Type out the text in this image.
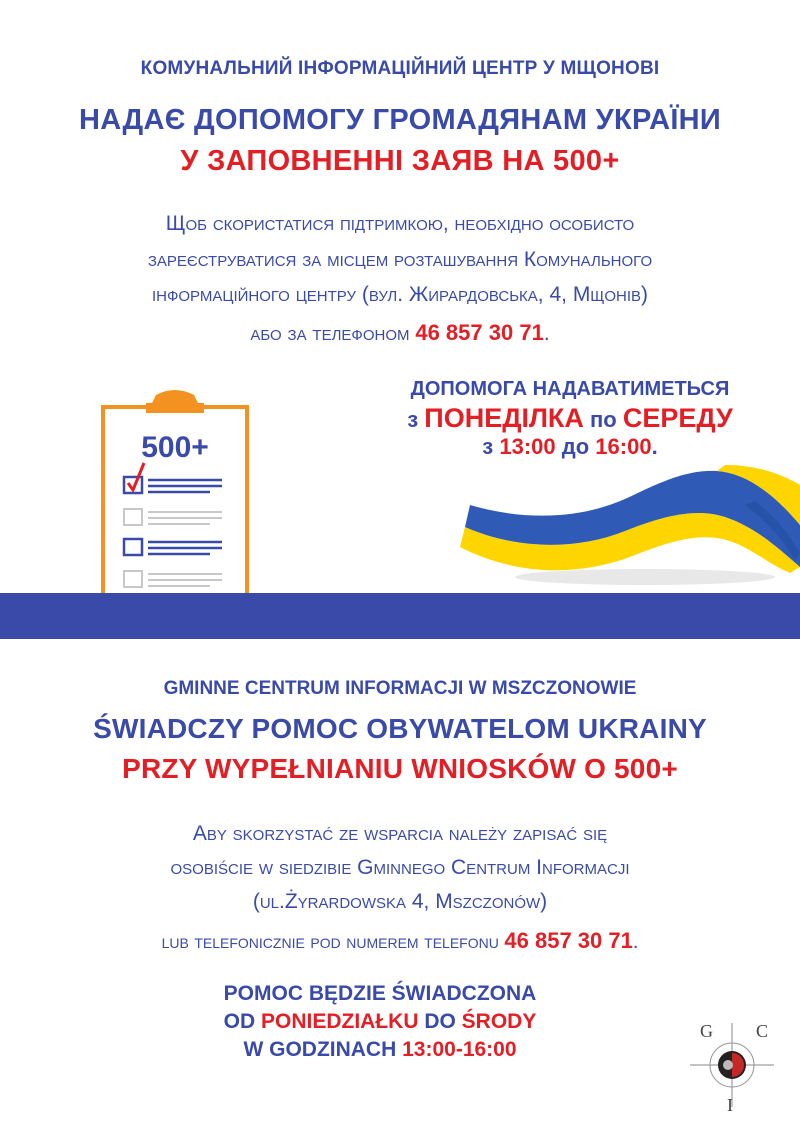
КОМУНАЛЬНИЙ ІНФОРМАЦІЙНИЙ ЦЕНТР У МЩОНОВІ
НАДАЄ ДОПОМОГУ ГРОМАДЯНАМ УКРАЇНИ
У ЗАПОВНЕННІ ЗАЯВ НА 500+
Щоб скористатися підтримкою, необхідно особисто
зареєструватися за місцем розташування Комунального
інформаційного центру (вул. Жирардовська, 4, Мщонів)
або за телефоном 46 857 30 71.
500+
ДОПОМОГА НАДАВАТИМЕТЬСЯ
з ПОНЕДІЛКА по СЕРЕДУ
з 13:00 до 16:00.
GMINNE CENTRUM INFORMACJI W MSZCZONOWIE
ŚWIADCZY POMOC OBYWATELOM UKRAINY
PRZY WYPEŁNIANIU WNIOSKÓW O 500+
Aby skorzystać ze wsparcia należy zapisać się
osobiście w siedzibie Gminnego Centrum Informacji
(ul.Żyrardowska 4, Mszczonów)
lub telefonicznie pod numerem telefonu 46 857 30 71.
POMOC BĘDZIE ŚWIADCZONA
OD PONIEDZIAŁKU DO ŚRODY
W GODZINACH 13:00-16:00
G C
I
